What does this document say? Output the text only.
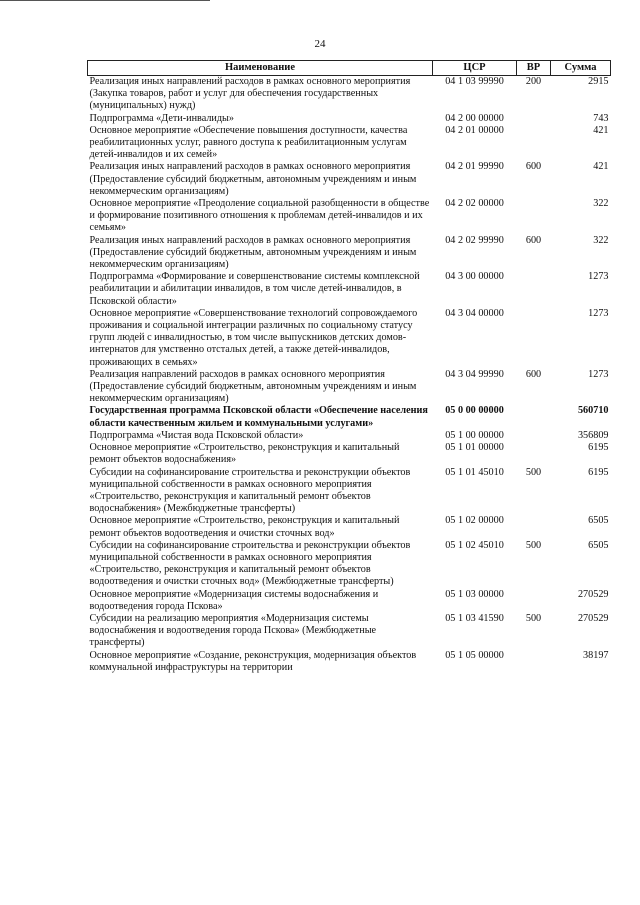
24
Наименование	ЦСР	ВР	Сумма
Реализация иных направлений расходов в рамках основного мероприятия (Закупка товаров, работ и услуг для обеспечения государственных (муниципальных) нужд)	04 1 03 99990	200	2915
Подпрограмма «Дети-инвалиды»	04 2 00 00000		743
Основное мероприятие «Обеспечение повышения доступности, качества реабилитационных услуг, равного доступа к реабилитационным услугам детей-инвалидов и их семей»	04 2 01 00000		421
Реализация иных направлений расходов в рамках основного мероприятия (Предоставление субсидий бюджетным, автономным учреждениям и иным некоммерческим организациям)	04 2 01 99990	600	421
Основное мероприятие «Преодоление социальной разобщенности в обществе и формирование позитивного отношения к проблемам детей-инвалидов и их семьям»	04 2 02 00000		322
Реализация иных направлений расходов в рамках основного мероприятия (Предоставление субсидий бюджетным, автономным учреждениям и иным некоммерческим организациям)	04 2 02 99990	600	322
Подпрограмма «Формирование и совершенствование системы комплексной реабилитации и абилитации инвалидов, в том числе детей-инвалидов, в Псковской области»	04 3 00 00000		1273
Основное мероприятие «Совершенствование технологий сопровождаемого проживания и социальной интеграции различных по социальному статусу групп людей с инвалидностью, в том числе выпускников детских домов-интернатов для умственно отсталых детей, а также детей-инвалидов, проживающих в семьях»	04 3 04 00000		1273
Реализация направлений расходов в рамках основного мероприятия (Предоставление субсидий бюджетным, автономным учреждениям и иным некоммерческим организациям)	04 3 04 99990	600	1273
Государственная программа Псковской области «Обеспечение населения области качественным жильем и коммунальными услугами»	05 0 00 00000		560710
Подпрограмма «Чистая вода Псковской области»	05 1 00 00000		356809
Основное мероприятие «Строительство, реконструкция и капитальный ремонт объектов водоснабжения»	05 1 01 00000		6195
Субсидии на софинансирование строительства и реконструкции объектов муниципальной собственности в рамках основного мероприятия «Строительство, реконструкция и капитальный ремонт объектов водоснабжения» (Межбюджетные трансферты)	05 1 01 45010	500	6195
Основное мероприятие «Строительство, реконструкция и капитальный ремонт объектов водоотведения и очистки сточных вод»	05 1 02 00000		6505
Субсидии на софинансирование строительства и реконструкции объектов муниципальной собственности в рамках основного мероприятия «Строительство, реконструкция и капитальный ремонт объектов водоотведения и очистки сточных вод» (Межбюджетные трансферты)	05 1 02 45010	500	6505
Основное мероприятие «Модернизация системы водоснабжения и водоотведения города Пскова»	05 1 03 00000		270529
Субсидии на реализацию мероприятия «Модернизация системы водоснабжения и водоотведения города Пскова» (Межбюджетные трансферты)	05 1 03 41590	500	270529
Основное мероприятие «Создание, реконструкция, модернизация объектов коммунальной инфраструктуры на территории	05 1 05 00000		38197
